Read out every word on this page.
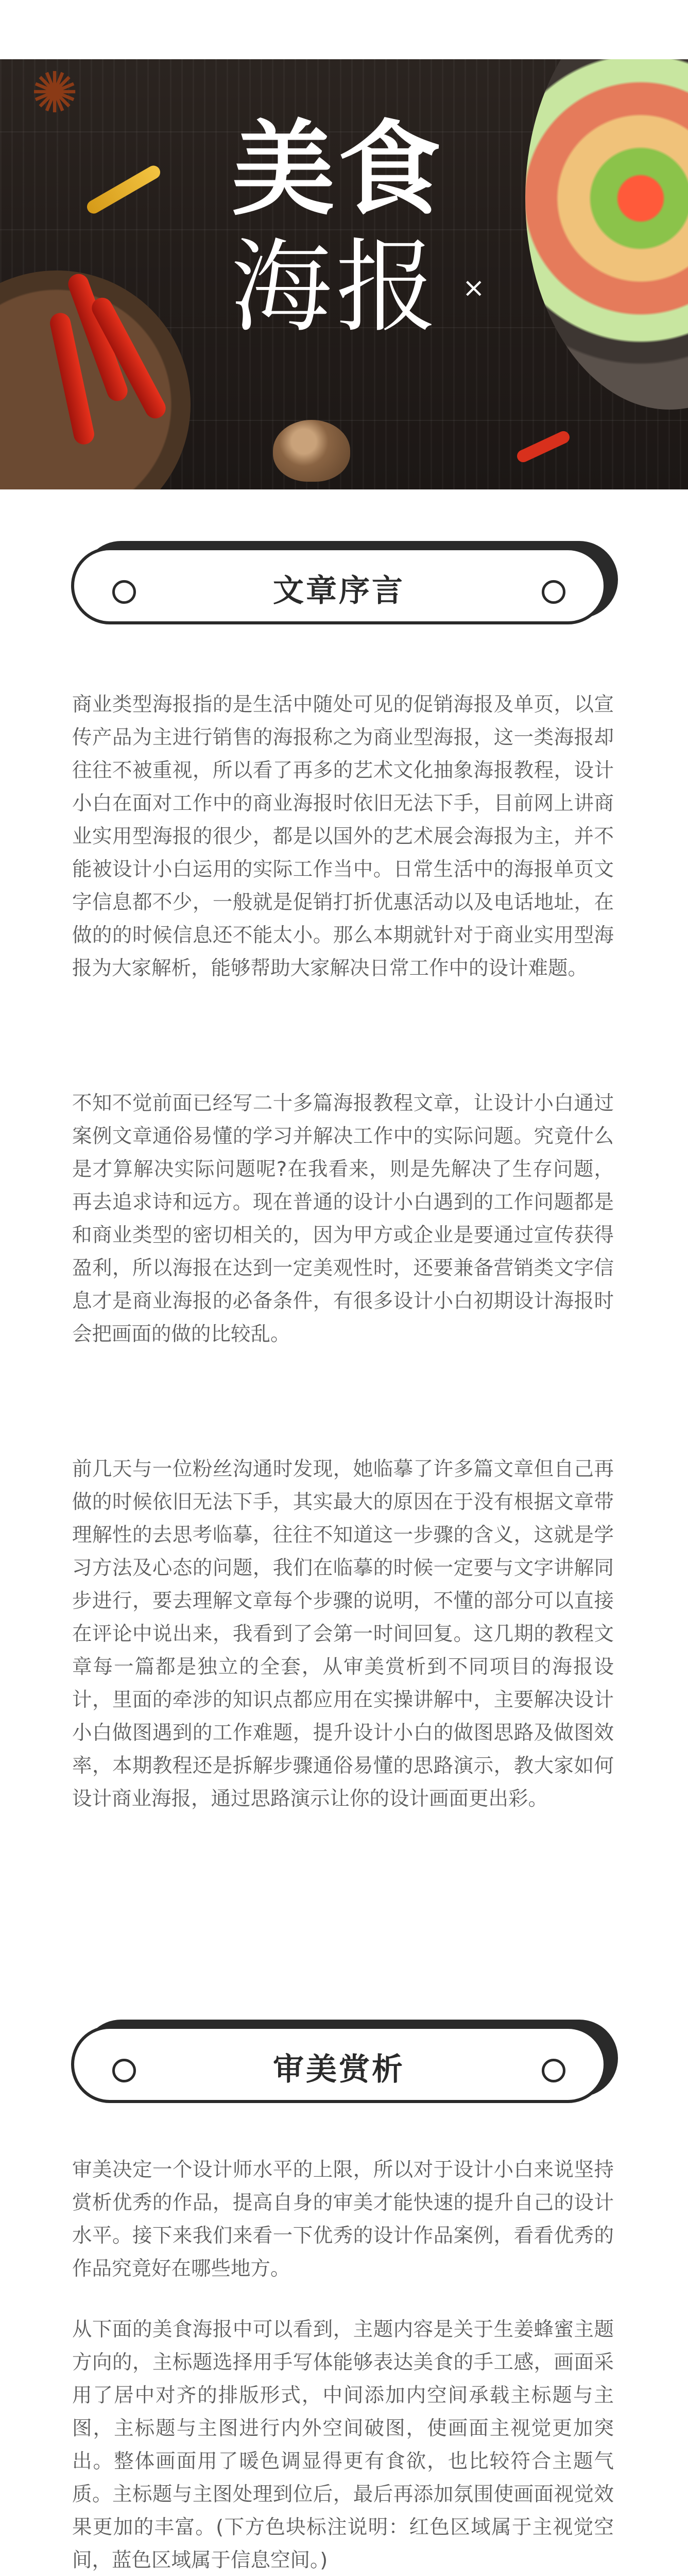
✺
美食
×
海报
文章序言

商业类型海报指的是生活中随处可见的促销海报及单页，以宣传产品为主进行销售的海报称之为商业型海报，这一类海报却往往不被重视，所以看了再多的艺术文化抽象海报教程，设计小白在面对工作中的商业海报时依旧无法下手，目前网上讲商业实用型海报的很少，都是以国外的艺术展会海报为主，并不能被设计小白运用的实际工作当中。日常生活中的海报单页文字信息都不少，一般就是促销打折优惠活动以及电话地址，在做的的时候信息还不能太小。那么本期就针对于商业实用型海报为大家解析，能够帮助大家解决日常工作中的设计难题。

不知不觉前面已经写二十多篇海报教程文章，让设计小白通过案例文章通俗易懂的学习并解决工作中的实际问题。究竟什么是才算解决实际问题呢?在我看来，则是先解决了生存问题，再去追求诗和远方。现在普通的设计小白遇到的工作问题都是和商业类型的密切相关的，因为甲方或企业是要通过宣传获得盈利，所以海报在达到一定美观性时，还要兼备营销类文字信息才是商业海报的必备条件，有很多设计小白初期设计海报时会把画面的做的比较乱。

前几天与一位粉丝沟通时发现，她临摹了许多篇文章但自己再做的时候依旧无法下手，其实最大的原因在于没有根据文章带理解性的去思考临摹，往往不知道这一步骤的含义，这就是学习方法及心态的问题，我们在临摹的时候一定要与文字讲解同步进行，要去理解文章每个步骤的说明，不懂的部分可以直接在评论中说出来，我看到了会第一时间回复。这几期的教程文章每一篇都是独立的全套，从审美赏析到不同项目的海报设计，里面的牵涉的知识点都应用在实操讲解中，主要解决设计小白做图遇到的工作难题，提升设计小白的做图思路及做图效率，本期教程还是拆解步骤通俗易懂的思路演示，教大家如何设计商业海报，通过思路演示让你的设计画面更出彩。

审美赏析

审美决定一个设计师水平的上限，所以对于设计小白来说坚持赏析优秀的作品，提高自身的审美才能快速的提升自己的设计水平。接下来我们来看一下优秀的设计作品案例，看看优秀的作品究竟好在哪些地方。

从下面的美食海报中可以看到，主题内容是关于生姜蜂蜜主题方向的，主标题选择用手写体能够表达美食的手工感，画面采用了居中对齐的排版形式，中间添加内空间承载主标题与主图，主标题与主图进行内外空间破图，使画面主视觉更加突出。整体画面用了暖色调显得更有食欲，也比较符合主题气质。主标题与主图处理到位后，最后再添加氛围使画面视觉效果更加的丰富。(下方色块标注说明：红色区域属于主视觉空间，蓝色区域属于信息空间。)
